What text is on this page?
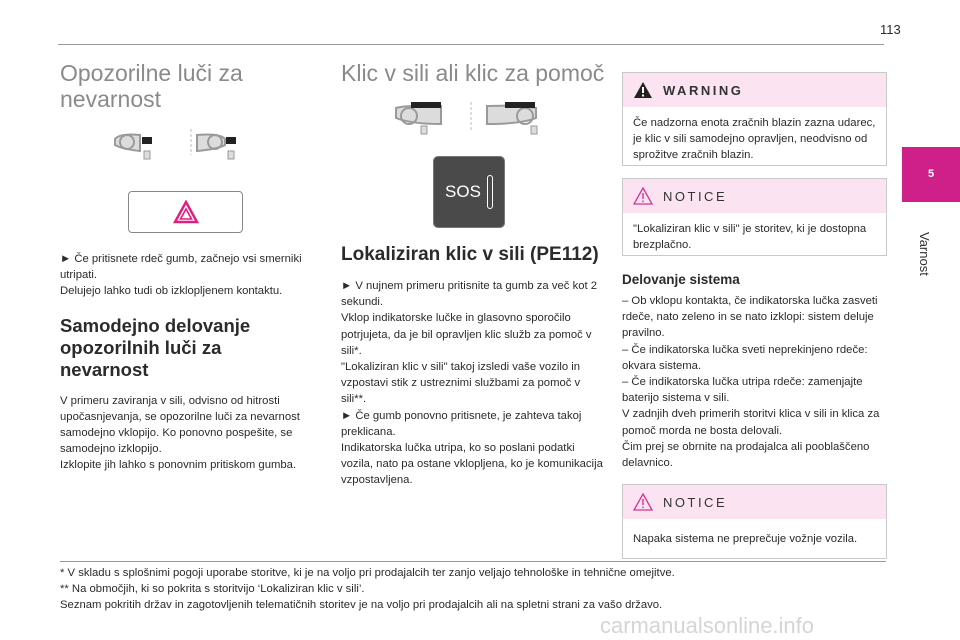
113
5
Varnost
Opozorilne luči za nevarnost

► Če pritisnete rdeč gumb, začnejo vsi smerniki utripati.

Delujejo lahko tudi ob izklopljenem kontaktu.

Samodejno delovanje opozorilnih luči za nevarnost

V primeru zaviranja v sili, odvisno od hitrosti upočasnjevanja, se opozorilne luči za nevarnost samodejno vklopijo. Ko ponovno pospešite, se samodejno izklopijo.

Izklopite jih lahko s ponovnim pritiskom gumba.

Klic v sili ali klic za pomoč
SOS
Lokaliziran klic v sili (PE112)

► V nujnem primeru pritisnite ta gumb za več kot 2 sekundi.

Vklop indikatorske lučke in glasovno sporočilo potrjujeta, da je bil opravljen klic služb za pomoč v sili*.

"Lokaliziran klic v sili" takoj izsledi vaše vozilo in vzpostavi stik z ustreznimi službami za pomoč v sili**.

► Če gumb ponovno pritisnete, je zahteva takoj preklicana.

Indikatorska lučka utripa, ko so poslani podatki vozila, nato pa ostane vklopljena, ko je komunikacija vzpostavljena.

WARNING
Če nadzorna enota zračnih blazin zazna udarec, je klic v sili samodejno opravljen, neodvisno od sprožitve zračnih blazin.
NOTICE
"Lokaliziran klic v sili" je storitev, ki je dostopna brezplačno.
Delovanje sistema

– Ob vklopu kontakta, če indikatorska lučka zasveti rdeče, nato zeleno in se nato izklopi: sistem deluje pravilno.

– Če indikatorska lučka sveti neprekinjeno rdeče: okvara sistema.

– Če indikatorska lučka utripa rdeče: zamenjajte baterijo sistema v sili.

V zadnjih dveh primerih storitvi klica v sili in klica za pomoč morda ne bosta delovali.

Čim prej se obrnite na prodajalca ali pooblaščeno delavnico.

NOTICE
Napaka sistema ne preprečuje vožnje vozila.

* V skladu s splošnimi pogoji uporabe storitve, ki je na voljo pri prodajalcih ter zanjo veljajo tehnološke in tehnične omejitve.

** Na območjih, ki so pokrita s storitvijo ‘Lokaliziran klic v sili’.

Seznam pokritih držav in zagotovljenih telematičnih storitev je na voljo pri prodajalcih ali na spletni strani za vašo državo.

carmanualsonline.info
